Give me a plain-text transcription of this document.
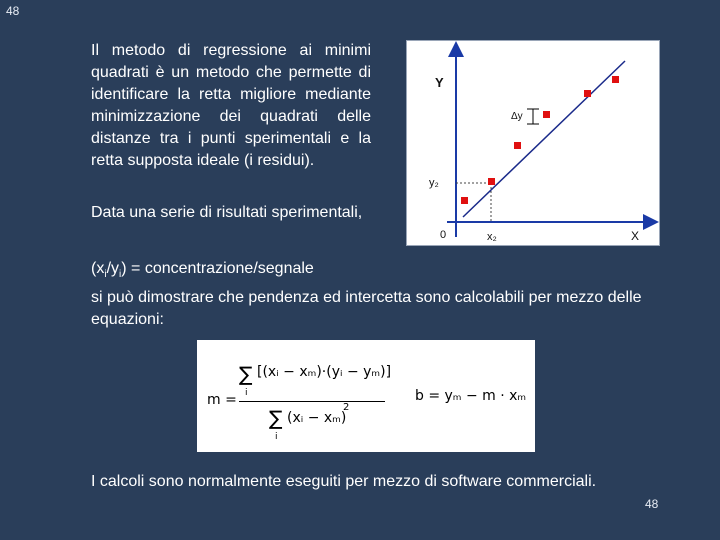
48
Il metodo di regressione ai minimi quadrati è un metodo che permette di identificare la retta migliore mediante minimizzazione dei quadrati delle distanze tra i punti sperimentali e la retta supposta ideale (i residui).
Data una serie di risultati sperimentali,
$(x_i/y_i)$ = concentrazione/segnale
si può dimostrare che pendenza ed intercetta sono calcolabili per mezzo delle equazioni:
Y
X
0
y₂
x₂
Δy
m =
∑
i
[(xᵢ − xₘ)·(yᵢ − yₘ)]
∑
i
(xᵢ − xₘ)
2
b = yₘ − m · xₘ
I calcoli sono normalmente eseguiti per mezzo di software commerciali.
48
